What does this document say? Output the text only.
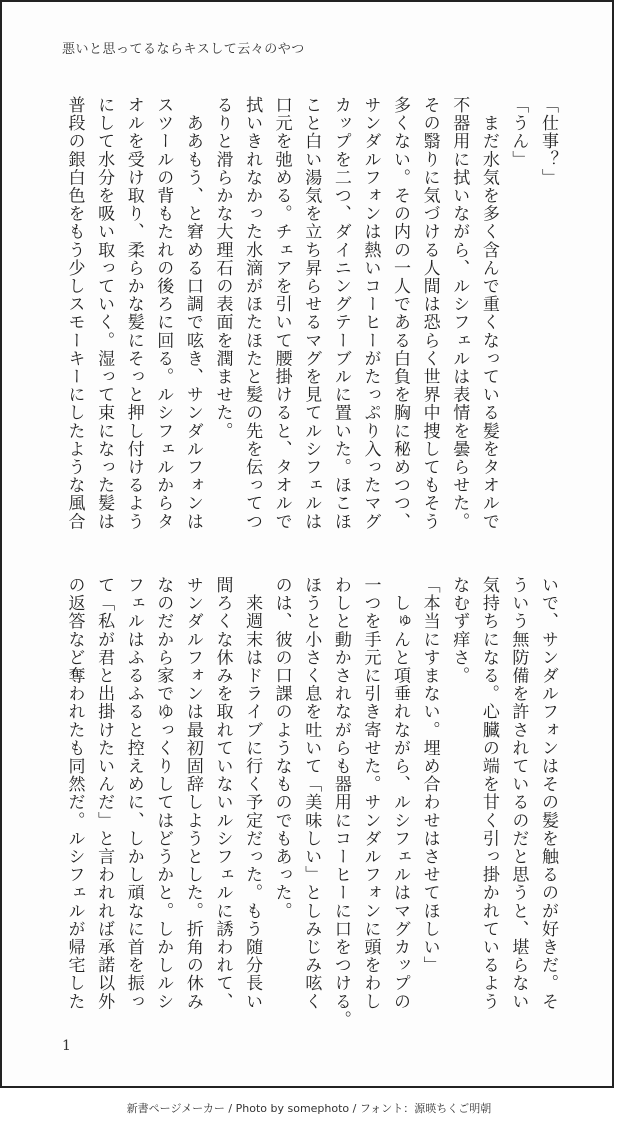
悪いと思ってるならキスして云々のやつ
「仕事？」
「うん」
　まだ水気を多く含んで重くなっている髪をタオルで
不器用に拭いながら、ルシフェルは表情を曇らせた。
その翳りに気づける人間は恐らく世界中捜してもそう
多くない。その内の一人である白負を胸に秘めつつ、
サンダルフォンは熱いコーヒーがたっぷり入ったマグ
カップを二つ、ダイニングテーブルに置いた。ほこほ
こと白い湯気を立ち昇らせるマグを見てルシフェルは
口元を弛める。チェアを引いて腰掛けると、タオルで
拭いきれなかった水滴がほたほたと髪の先を伝ってつ
るりと滑らかな大理石の表面を潤ませた。
　ああもう、と窘める口調で呟き、サンダルフォンは
スツールの背もたれの後ろに回る。ルシフェルからタ
オルを受け取り、柔らかな髪にそっと押し付けるよう
にして水分を吸い取っていく。湿って束になった髪は
普段の銀白色をもう少しスモーキーにしたような風合
いで、サンダルフォンはその髪を触るのが好きだ。そ
ういう無防備を許されているのだと思うと、堪らない
気持ちになる。心臓の端を甘く引っ掛かれているよう
なむず痒さ。
「本当にすまない。埋め合わせはさせてほしい」
　しゅんと項垂れながら、ルシフェルはマグカップの
一つを手元に引き寄せた。サンダルフォンに頭をわし
わしと動かされながらも器用にコーヒーに口をつける。
ほうと小さく息を吐いて「美味しい」としみじみ呟く
のは、彼の口課のようなものでもあった。
　来週末はドライブに行く予定だった。もう随分長い
間ろくな休みを取れていないルシフェルに誘われて、
サンダルフォンは最初固辞しようとした。折角の休み
なのだから家でゆっくりしてはどうかと。しかしルシ
フェルはふるふると控えめに、しかし頑なに首を振っ
て「私が君と出掛けたいんだ」と言われれば承諾以外
の返答など奪われたも同然だ。ルシフェルが帰宅した
1
新書ページメーカー / Photo by somephoto / フォント：源暎ちくご明朝
